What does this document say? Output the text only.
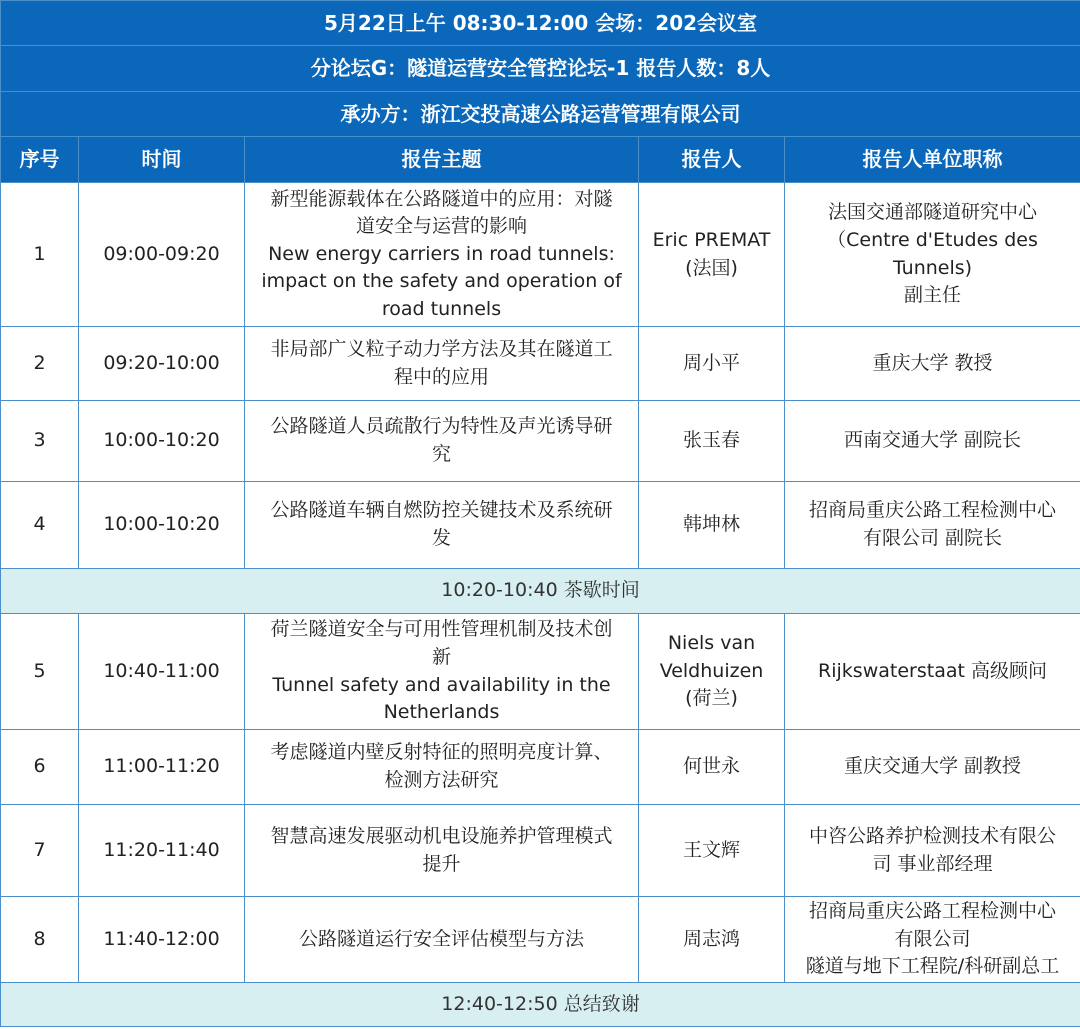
5月22日上午 08:30-12:00 会场：202会议室				
分论坛G：隧道运营安全管控论坛-1 报告人数：8人				
承办方：浙江交投高速公路运营管理有限公司				
序号	时间	报告主题	报告人	报告人单位职称
1	09:00-09:20	新型能源载体在公路隧道中的应用：对隧
道安全与运营的影响
New energy carriers in road tunnels:
impact on the safety and operation of
road tunnels	Eric PREMAT
(法国)	法国交通部隧道研究中心
（Centre d'Etudes des
Tunnels)
副主任

2	09:20-10:00	非局部广义粒子动力学方法及其在隧道工
程中的应用	周小平	重庆大学 教授

3	10:00-10:20	公路隧道人员疏散行为特性及声光诱导研
究	张玉春	西南交通大学 副院长

4	10:00-10:20	公路隧道车辆自燃防控关键技术及系统研
发	韩坤林	招商局重庆公路工程检测中心
有限公司 副院长

10:20-10:40 茶歇时间				
5	10:40-11:00	荷兰隧道安全与可用性管理机制及技术创
新
Tunnel safety and availability in the
Netherlands	Niels van
Veldhuizen
(荷兰)	Rijkswaterstaat 高级顾问

6	11:00-11:20	考虑隧道内壁反射特征的照明亮度计算、
检测方法研究	何世永	重庆交通大学 副教授

7	11:20-11:40	智慧高速发展驱动机电设施养护管理模式
提升	王文辉	中咨公路养护检测技术有限公
司 事业部经理

8	11:40-12:00	公路隧道运行安全评估模型与方法	周志鸿	招商局重庆公路工程检测中心
有限公司
隧道与地下工程院/科研副总工

12:40-12:50 总结致谢				
